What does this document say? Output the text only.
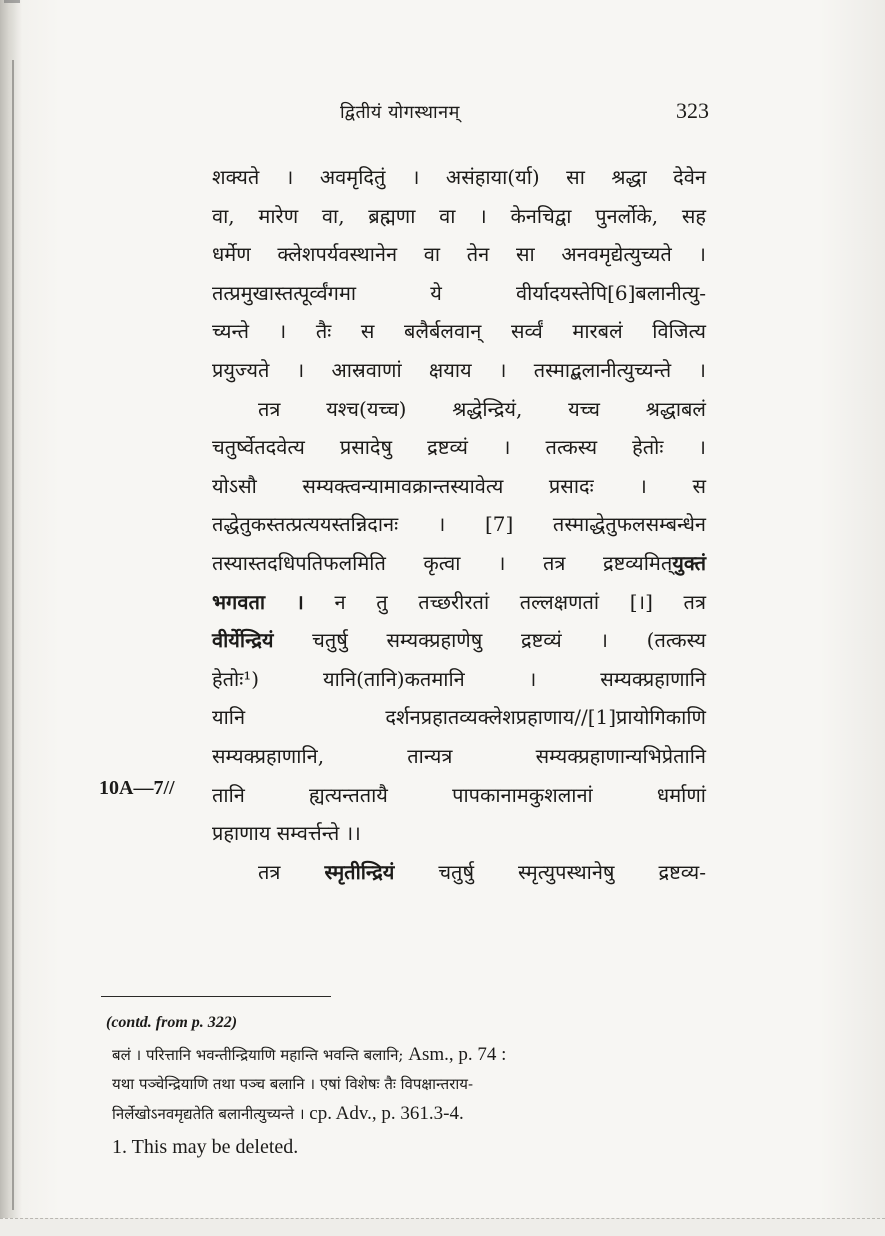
द्वितीयं योगस्थानम्	323
शक्यते । अवमृदितुं । असंहाया(र्या) सा श्रद्धा देवेन
वा, मारेण वा, ब्रह्मणा वा । केनचिद्वा पुनर्लोके, सह
धर्मेण क्लेशपर्यवस्थानेन वा तेन सा अनवमृद्येत्युच्यते ।
तत्प्रमुखास्तत्पूर्व्वंगमा ये वीर्यादयस्तेपि[6]बलानीत्यु-
च्यन्ते । तैः स बलैर्बलवान् सर्व्वं मारबलं विजित्य
प्रयुज्यते । आस्रवाणां क्षयाय । तस्माद्बलानीत्युच्यन्ते ।
तत्र यश्च(यच्च) श्रद्धेन्द्रियं, यच्च श्रद्धाबलं
चतुर्ष्वेतदवेत्य प्रसादेषु द्रष्टव्यं । तत्कस्य हेतोः ।
योऽसौ सम्यक्त्वन्यामावक्रान्तस्यावेत्य प्रसादः । स
तद्धेतुकस्तत्प्रत्ययस्तन्निदानः । [7] तस्माद्धेतुफलसम्बन्धेन
तस्यास्तदधिपतिफलमिति कृत्वा । तत्र द्रष्टव्यमित्युक्तं
भगवता । न तु तच्छरीरतां तल्लक्षणतां [।] तत्र
वीर्येन्द्रियं चतुर्षु सम्यक्प्रहाणेषु द्रष्टव्यं । (तत्कस्य
हेतोः¹) यानि(तानि)कतमानि । सम्यक्प्रहाणानि
यानि दर्शनप्रहातव्यक्लेशप्रहाणाय//[1]प्रायोगिकाणि
सम्यक्प्रहाणानि, तान्यत्र सम्यक्प्रहाणान्यभिप्रेतानि
तानि ह्यत्यन्ततायै पापकानामकुशलानां धर्माणां
प्रहाणाय सम्वर्त्तन्ते ।।
तत्र स्मृतीन्द्रियं चतुर्षु स्मृत्युपस्थानेषु द्रष्टव्य-
10A—7//
(contd. from p. 322)
बलं । परित्तानि भवन्तीन्द्रियाणि महान्ति भवन्ति बलानि; Asm., p. 74 :
यथा पञ्चेन्द्रियाणि तथा पञ्च बलानि । एषां विशेषः तैः विपक्षान्तराय-
निर्लेखोऽनवमृद्यतेति बलानीत्युच्यन्ते । cp. Adv., p. 361.3-4.
1. This may be deleted.
